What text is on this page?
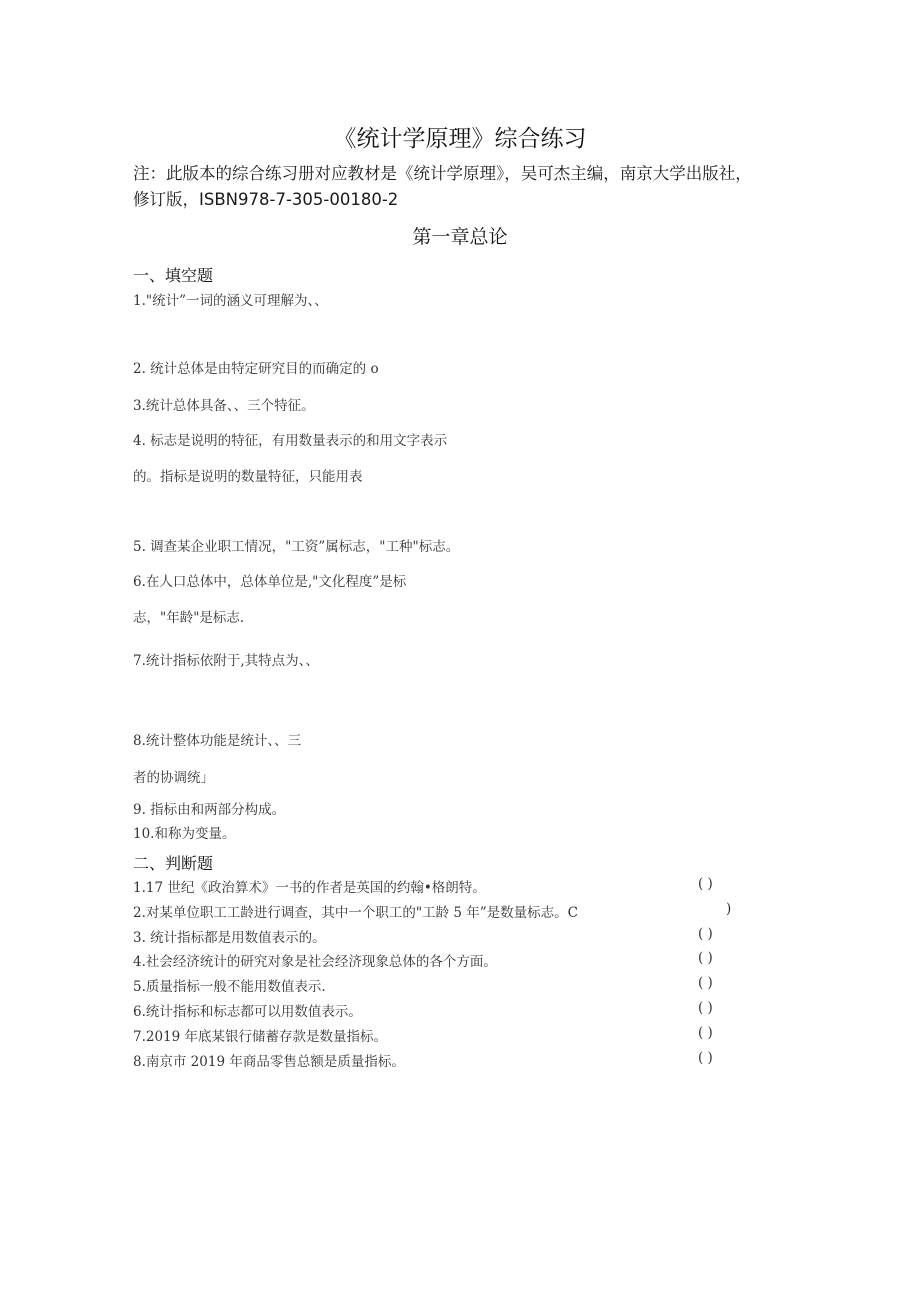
《统计学原理》综合练习
注：此版本的综合练习册对应教材是《统计学原理》，吴可杰主编，南京大学出版社，
修订版，ISBN978-7-305-00180-2
第一章总论
一、填空题
1."统计”一词的涵义可理解为、、
2. 统计总体是由特定研究目的而确定的 o
3.统计总体具备、、三个特征。
4. 标志是说明的特征，有用数量表示的和用文字表示
的。指标是说明的数量特征，只能用表
5. 调查某企业职工情况，"工资”属标志，"工种"标志。
6.在人口总体中，总体单位是,"文化程度”是标
志，"年龄"是标志.
7.统计指标依附于,其特点为、、
8.统计整体功能是统计、、三
者的协调统」
9. 指标由和两部分构成。
10.和称为变量。
二、判断题
1.17 世纪《政治算术》一书的作者是英国的约翰•格朗特。	( )
2.对某单位职工工龄进行调查，其中一个职工的"工龄 5 年”是数量标志。C	)
3. 统计指标都是用数值表示的。	( )
4.社会经济统计的研究对象是社会经济现象总体的各个方面。	( )
5.质量指标一般不能用数值表示.	( )
6.统计指标和标志都可以用数值表示。	( )
7.2019 年底某银行储蓄存款是数量指标。	( )
8.南京市 2019 年商品零售总额是质量指标。	( )
